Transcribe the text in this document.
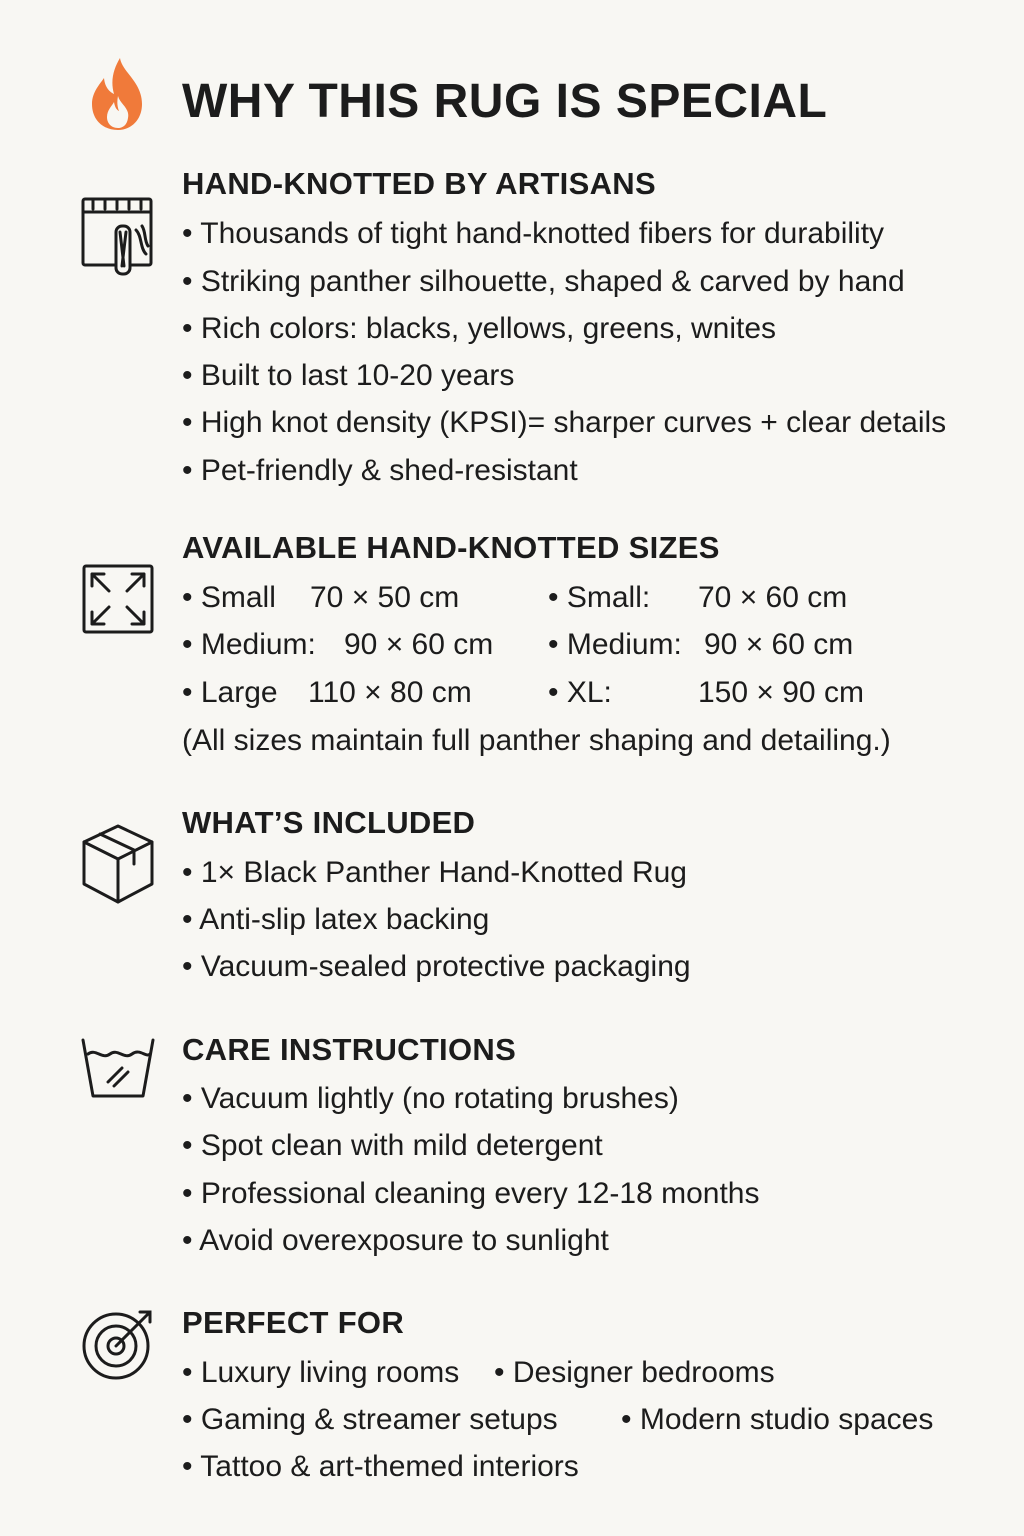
WHY THIS RUG IS SPECIAL
HAND-KNOTTED BY ARTISANS
• Thousands of tight hand-knotted fibers for durability
• Striking panther silhouette, shaped & carved by hand
• Rich colors: blacks, yellows, greens, wnites
• Built to last 10-20 years
• High knot density (KPSI)= sharper curves + clear details
• Pet-friendly & shed-resistant
AVAILABLE HAND-KNOTTED SIZES
• Small 70 × 50 cm	• Small: 70 × 60 cm
• Medium: 90 × 60 cm • Medium: 90 × 60 cm
• Large 110 × 80 cm	• XL:	150 × 90 cm
(All sizes maintain full panther shaping and detailing.)
WHAT’S INCLUDED
• 1× Black Panther Hand-Knotted Rug
• Anti-slip latex backing
• Vacuum-sealed protective packaging
CARE INSTRUCTIONS
• Vacuum lightly (no rotating brushes)
• Spot clean with mild detergent
• Professional cleaning every 12-18 months
• Avoid overexposure to sunlight
PERFECT FOR
• Luxury living rooms • Designer bedrooms
• Gaming & streamer setups • Modern studio spaces
• Tattoo & art-themed interiors
